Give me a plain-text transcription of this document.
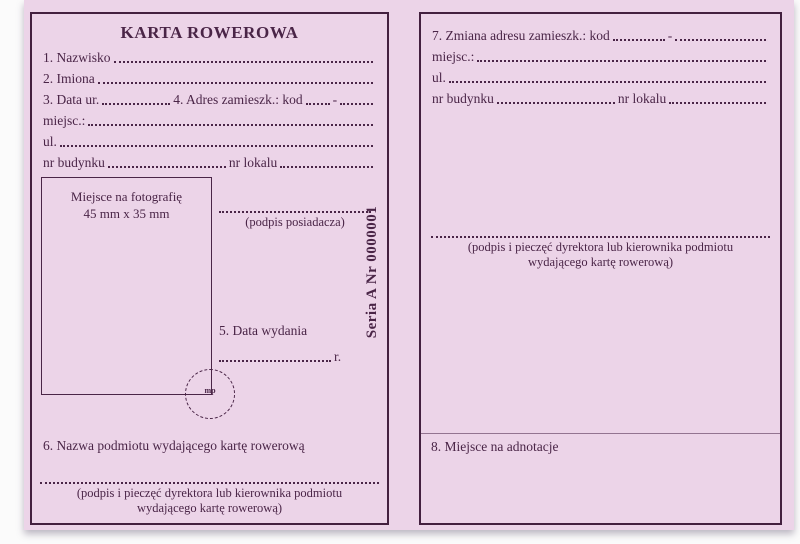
KARTA ROWEROWA
1. Nazwisko
2. Imiona
3. Data ur.	4. Adres zamieszk.: kod -
miejsc.:
ul.
nr budynku	nr lokalu
Miejsce na fotografię
45 mm x 35 mm
mp
(podpis posiadacza)	Seria A Nr 0000001
5. Data wydania
r.
6. Nazwa podmiotu wydającego kartę rowerową
(podpis i pieczęć dyrektora lub kierownika podmiotu
wydającego kartę rowerową)
7. Zmiana adresu zamieszk.: kod	-
miejsc.:
ul.
nr budynku	nr lokalu
(podpis i pieczęć dyrektora lub kierownika podmiotu
wydającego kartę rowerową)
8. Miejsce na adnotacje
